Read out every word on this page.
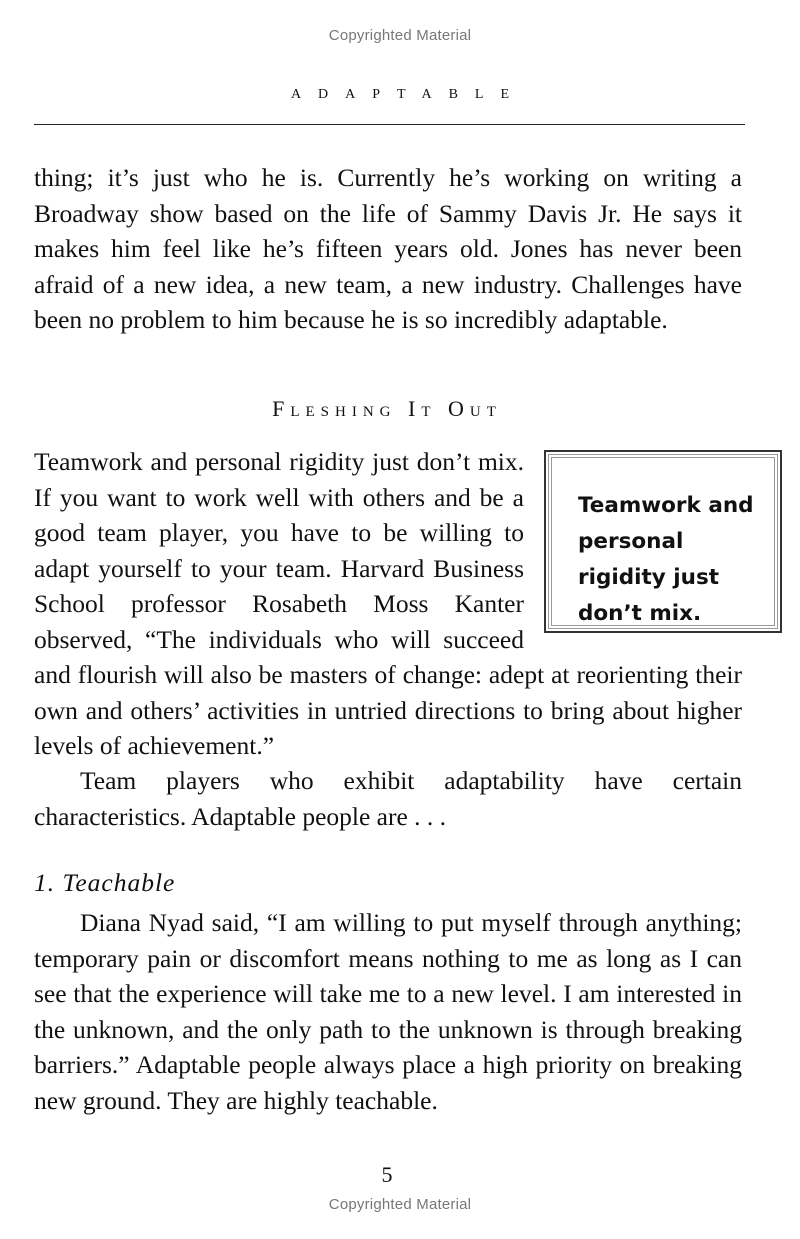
Copyrighted Material
ADAPTABLE

thing; it’s just who he is. Currently he’s working on writing a Broadway show based on the life of Sammy Davis Jr. He says it makes him feel like he’s fifteen years old. Jones has never been afraid of a new idea, a new team, a new industry. Challenges have been no problem to him because he is so incredibly adaptable.

Fleshing It Out
Teamwork and personal rigidity just don’t mix.
Teamwork and personal rigidity just don’t mix. If you want to work well with others and be a good team player, you have to be willing to adapt yourself to your team. Harvard Business School professor Rosabeth Moss Kanter observed, “The individuals who will succeed and flourish will also be masters of change: adept at reorienting their own and others’ activities in untried directions to bring about higher levels of achievement.”

Team players who exhibit adaptability have certain characteristics. Adaptable people are . . .

1. Teachable

Diana Nyad said, “I am willing to put myself through anything; temporary pain or discomfort means nothing to me as long as I can see that the experience will take me to a new level. I am interested in the unknown, and the only path to the unknown is through breaking barriers.” Adaptable people always place a high priority on breaking new ground. They are highly teachable.

5
Copyrighted Material
